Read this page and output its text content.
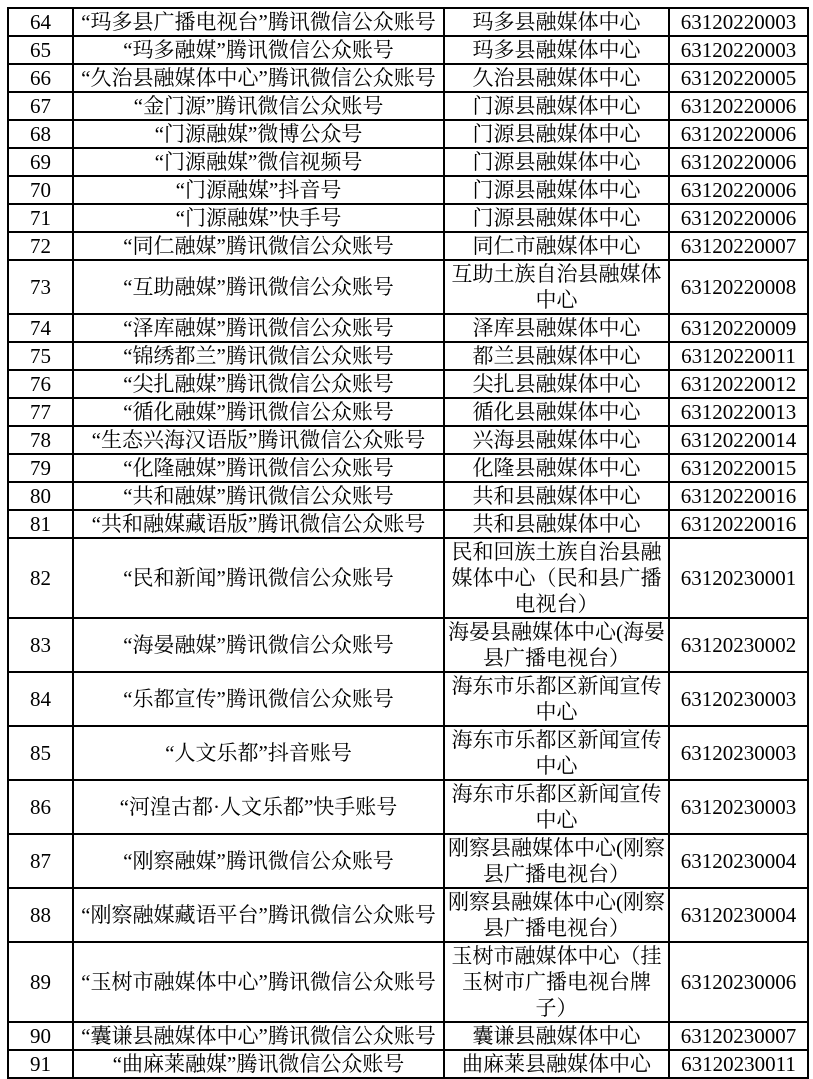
64	“玛多县广播电视台”腾讯微信公众账号	玛多县融媒体中心	63120220003
65	“玛多融媒”腾讯微信公众账号	玛多县融媒体中心	63120220003
66	“久治县融媒体中心”腾讯微信公众账号	久治县融媒体中心	63120220005
67	“金门源”腾讯微信公众账号	门源县融媒体中心	63120220006
68	“门源融媒”微博公众号	门源县融媒体中心	63120220006
69	“门源融媒”微信视频号	门源县融媒体中心	63120220006
70	“门源融媒”抖音号	门源县融媒体中心	63120220006
71	“门源融媒”快手号	门源县融媒体中心	63120220006
72	“同仁融媒”腾讯微信公众账号	同仁市融媒体中心	63120220007
73	“互助融媒”腾讯微信公众账号	互助土族自治县融媒体中心	63120220008
74	“泽库融媒”腾讯微信公众账号	泽库县融媒体中心	63120220009
75	“锦绣都兰”腾讯微信公众账号	都兰县融媒体中心	63120220011
76	“尖扎融媒”腾讯微信公众账号	尖扎县融媒体中心	63120220012
77	“循化融媒”腾讯微信公众账号	循化县融媒体中心	63120220013
78	“生态兴海汉语版”腾讯微信公众账号	兴海县融媒体中心	63120220014
79	“化隆融媒”腾讯微信公众账号	化隆县融媒体中心	63120220015
80	“共和融媒”腾讯微信公众账号	共和县融媒体中心	63120220016
81	“共和融媒藏语版”腾讯微信公众账号	共和县融媒体中心	63120220016
82	“民和新闻”腾讯微信公众账号	民和回族土族自治县融媒体中心（民和县广播电视台）	63120230001
83	“海晏融媒”腾讯微信公众账号	海晏县融媒体中心(海晏县广播电视台）	63120230002
84	“乐都宣传”腾讯微信公众账号	海东市乐都区新闻宣传中心	63120230003
85	“人文乐都”抖音账号	海东市乐都区新闻宣传中心	63120230003
86	“河湟古都·人文乐都”快手账号	海东市乐都区新闻宣传中心	63120230003
87	“刚察融媒”腾讯微信公众账号	刚察县融媒体中心(刚察县广播电视台）	63120230004
88	“刚察融媒藏语平台”腾讯微信公众账号	刚察县融媒体中心(刚察县广播电视台）	63120230004
89	“玉树市融媒体中心”腾讯微信公众账号	玉树市融媒体中心（挂玉树市广播电视台牌子）	63120230006
90	“囊谦县融媒体中心”腾讯微信公众账号	囊谦县融媒体中心	63120230007
91	“曲麻莱融媒”腾讯微信公众账号	曲麻莱县融媒体中心	63120230011
